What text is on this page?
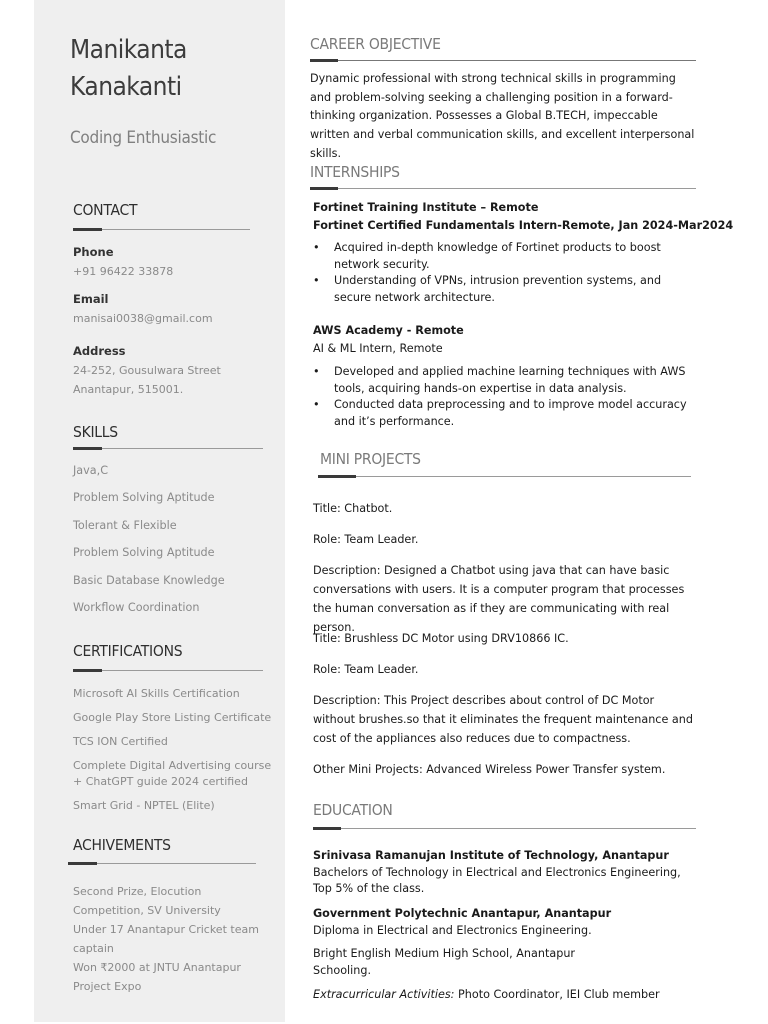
Manikanta
Kanakanti
Coding Enthusiastic
CONTACT
Phone
+91 96422 33878
Email
manisai0038@gmail.com
Address
24-252, Gousulwara Street
Anantapur, 515001.
SKILLS
Java,C
Problem Solving Aptitude
Tolerant & Flexible
Problem Solving Aptitude
Basic Database Knowledge
Workflow Coordination
CERTIFICATIONS
Microsoft AI Skills Certification
Google Play Store Listing Certificate
TCS ION Certified
Complete Digital Advertising course + ChatGPT guide 2024 certified
Smart Grid - NPTEL (Elite)
ACHIVEMENTS
Second Prize, Elocution Competition, SV University
Under 17 Anantapur Cricket team captain
Won ₹2000 at JNTU Anantapur Project Expo
CAREER OBJECTIVE
Dynamic professional with strong technical skills in programming and problem-solving seeking a challenging position in a forward-thinking organization. Possesses a Global B.TECH, impeccable written and verbal communication skills, and excellent interpersonal skills.
INTERNSHIPS
Fortinet Training Institute – Remote
Fortinet Certified Fundamentals Intern-Remote, Jan 2024-Mar2024
• Acquired in-depth knowledge of Fortinet products to boost network security.
• Understanding of VPNs, intrusion prevention systems, and secure network architecture.
AWS Academy - Remote
AI & ML Intern, Remote
• Developed and applied machine learning techniques with AWS tools, acquiring hands-on expertise in data analysis.
• Conducted data preprocessing and to improve model accuracy and it’s performance.
MINI PROJECTS
Title: Chatbot.
Role: Team Leader.
Description: Designed a Chatbot using java that can have basic conversations with users. It is a computer program that processes the human conversation as if they are communicating with real person.
Title: Brushless DC Motor using DRV10866 IC.
Role: Team Leader.
Description: This Project describes about control of DC Motor without brushes.so that it eliminates the frequent maintenance and cost of the appliances also reduces due to compactness.
Other Mini Projects: Advanced Wireless Power Transfer system.
EDUCATION
Srinivasa Ramanujan Institute of Technology, Anantapur
Bachelors of Technology in Electrical and Electronics Engineering,
Top 5% of the class.
Government Polytechnic Anantapur, Anantapur
Diploma in Electrical and Electronics Engineering.
Bright English Medium High School, Anantapur
Schooling.
Extracurricular Activities: Photo Coordinator, IEI Club member
